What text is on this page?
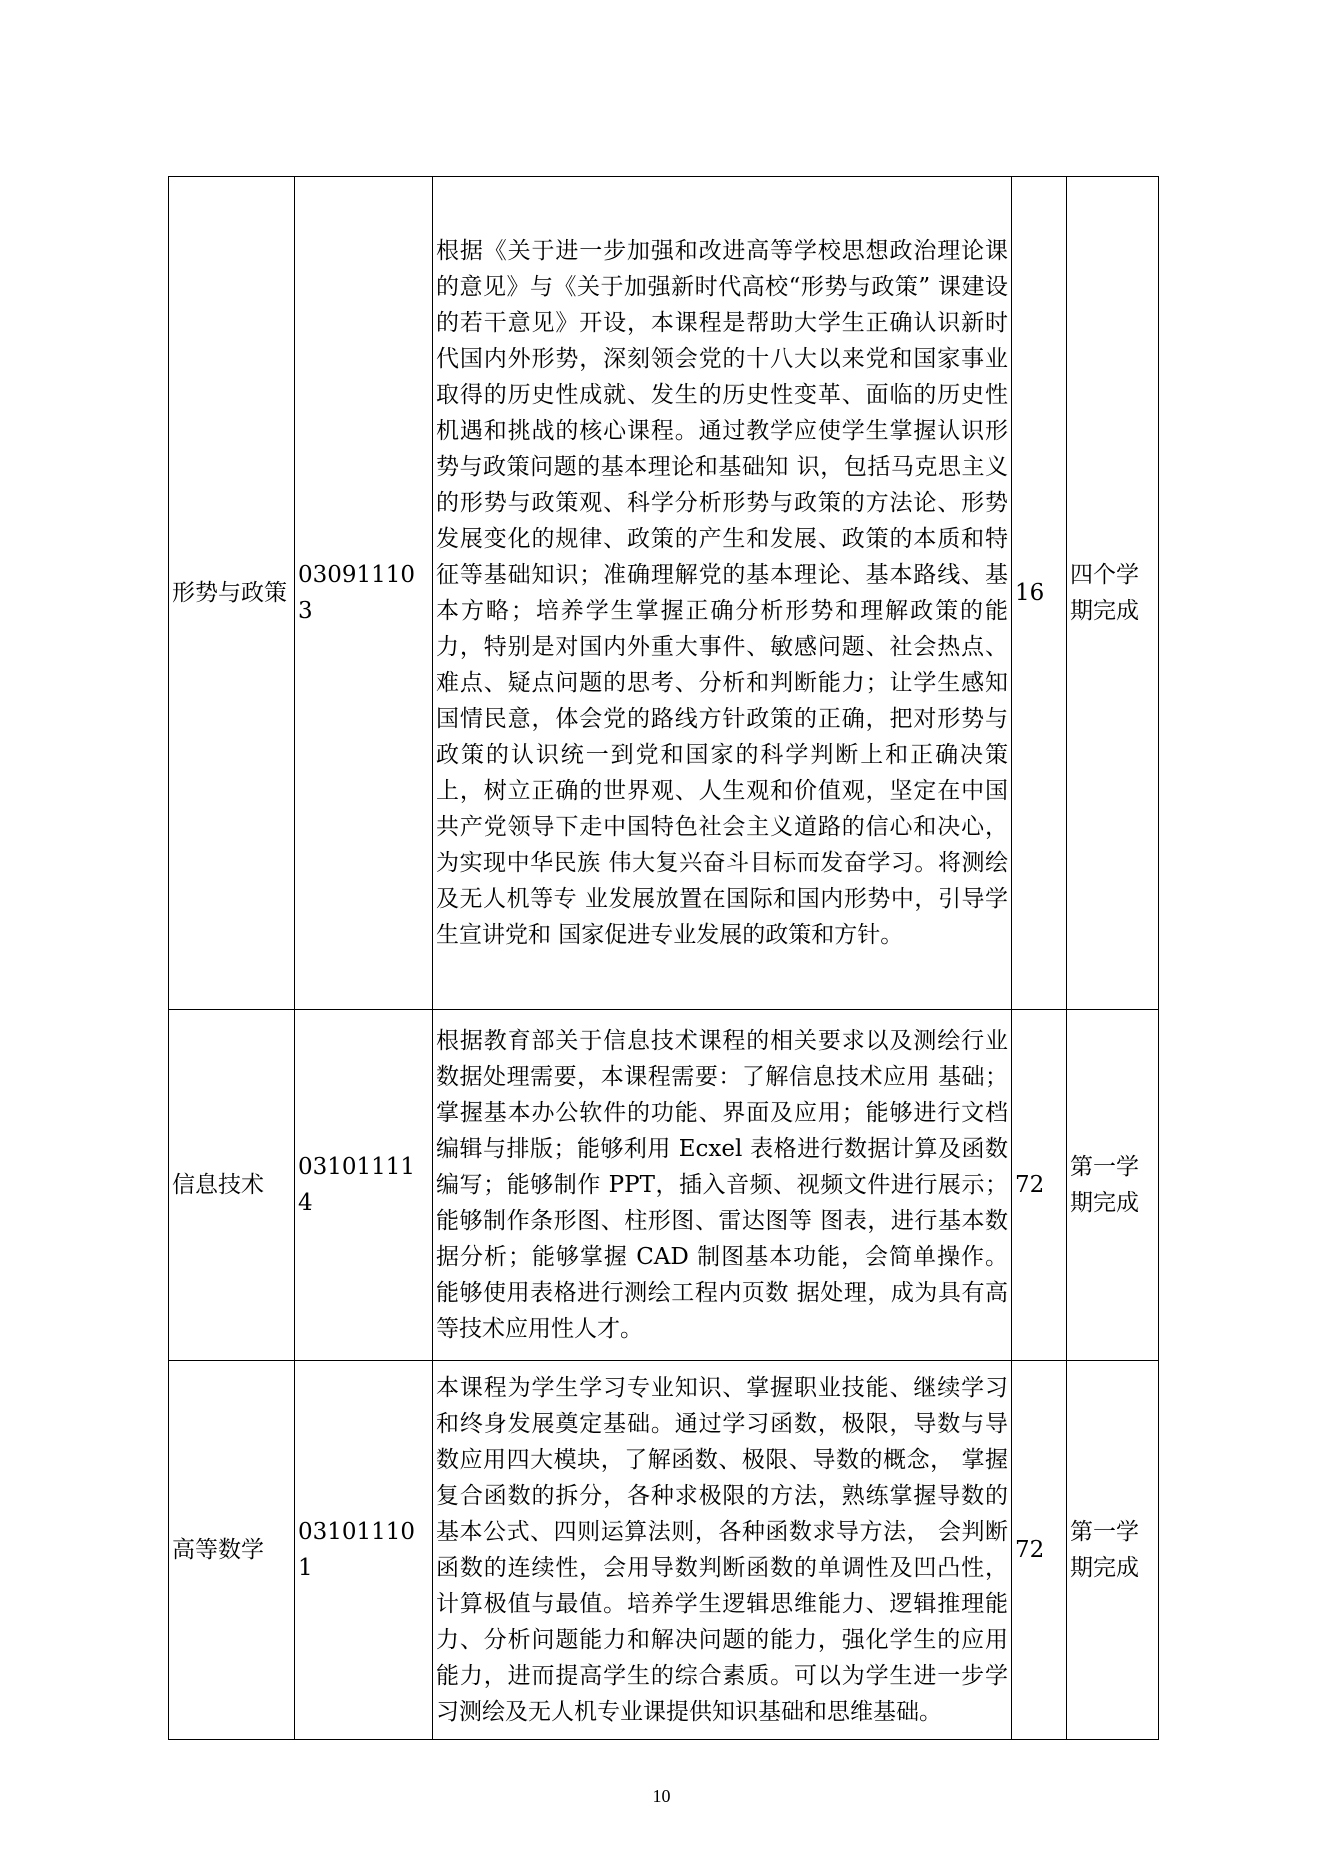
形势与政策	030911103	根据《关于进一步加强和改进高等学校思想政治理论课的意见》与《关于加强新时代高校“形势与政策” 课建设的若干意见》开设，本课程是帮助大学生正确认识新时代国内外形势，深刻领会党的十八大以来党和国家事业取得的历史性成就、发生的历史性变革、面临的历史性机遇和挑战的核心课程。通过教学应使学生掌握认识形势与政策问题的基本理论和基础知 识，包括马克思主义的形势与政策观、科学分析形势与政策的方法论、形势发展变化的规律、政策的产生和发展、政策的本质和特征等基础知识；准确理解党的基本理论、基本路线、基本方略；培养学生掌握正确分析形势和理解政策的能力，特别是对国内外重大事件、敏感问题、社会热点、难点、疑点问题的思考、分析和判断能力；让学生感知国情民意，体会党的路线方针政策的正确，把对形势与政策的认识统一到党和国家的科学判断上和正确决策上，树立正确的世界观、人生观和价值观，坚定在中国共产党领导下走中国特色社会主义道路的信心和决心，为实现中华民族 伟大复兴奋斗目标而发奋学习。将测绘及无人机等专 业发展放置在国际和国内形势中，引导学生宣讲党和 国家促进专业发展的政策和方针。	16	四个学期完成
信息技术	031011114	根据教育部关于信息技术课程的相关要求以及测绘行业数据处理需要，本课程需要：了解信息技术应用 基础； 掌握基本办公软件的功能、界面及应用；能够进行文档编辑与排版；能够利用 Ecxel 表格进行数据计算及函数编写；能够制作 PPT，插入音频、视频文件进行展示；能够制作条形图、柱形图、雷达图等 图表，进行基本数据分析；能够掌握 CAD 制图基本功能，会简单操作。能够使用表格进行测绘工程内页数 据处理，成为具有高等技术应用性人才。	72	第一学期完成
高等数学	031011101	本课程为学生学习专业知识、掌握职业技能、继续学习和终身发展奠定基础。通过学习函数，极限，导数与导数应用四大模块，了解函数、极限、导数的概念， 掌握复合函数的拆分，各种求极限的方法，熟练掌握导数的基本公式、四则运算法则，各种函数求导方法， 会判断函数的连续性，会用导数判断函数的单调性及凹凸性，计算极值与最值。培养学生逻辑思维能力、逻辑推理能力、分析问题能力和解决问题的能力，强化学生的应用能力，进而提高学生的综合素质。可以为学生进一步学习测绘及无人机专业课提供知识基础和思维基础。	72	第一学期完成
10
